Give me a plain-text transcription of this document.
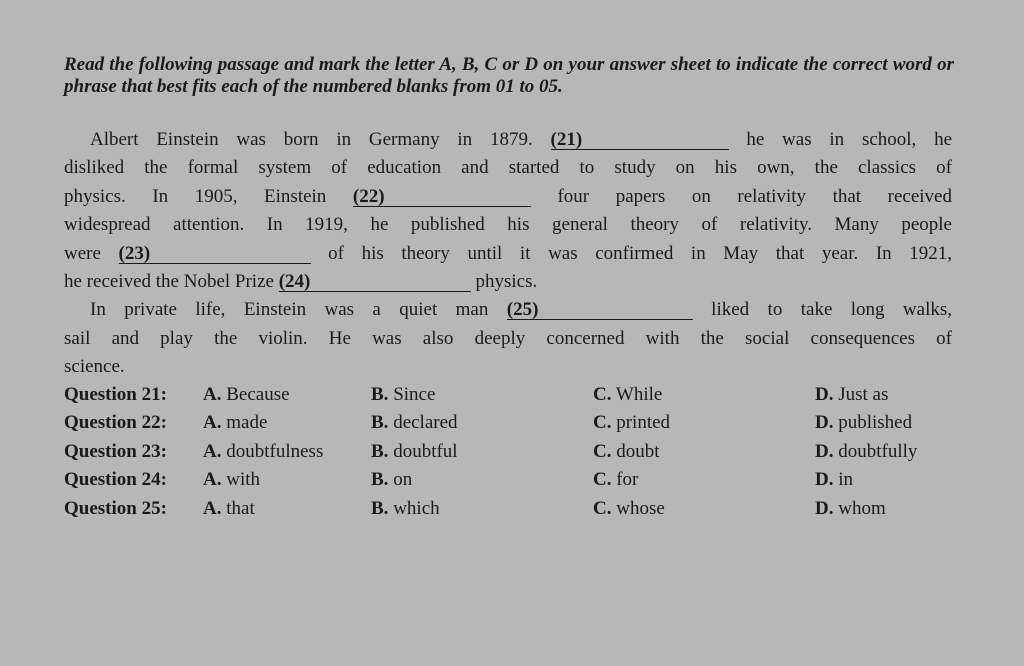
Read the following passage and mark the letter A, B, C or D on your answer sheet to indicate the correct word or phrase that best fits each of the numbered blanks from 01 to 05.
Albert Einstein was born in Germany in 1879. (21)	he was in school, he
disliked the formal system of education and started to study on his own, the classics of
physics. In 1905, Einstein (22)	four papers on relativity that received
widespread attention. In 1919, he published his general theory of relativity. Many people
were (23)	of his theory until it was confirmed in May that year. In 1921,
he received the Nobel Prize (24)	physics.
In private life, Einstein was a quiet man (25)	liked to take long walks,
sail and play the violin. He was also deeply concerned with the social consequences of
science.
Question 21: A. Because	B. Since	C. While	D. Just as
Question 22: A. made	B. declared	C. printed	D. published
Question 23: A. doubtfulness	B. doubtful	C. doubt	D. doubtfully
Question 24: A. with	B. on	C. for	D. in
Question 25: A. that	B. which	C. whose	D. whom
